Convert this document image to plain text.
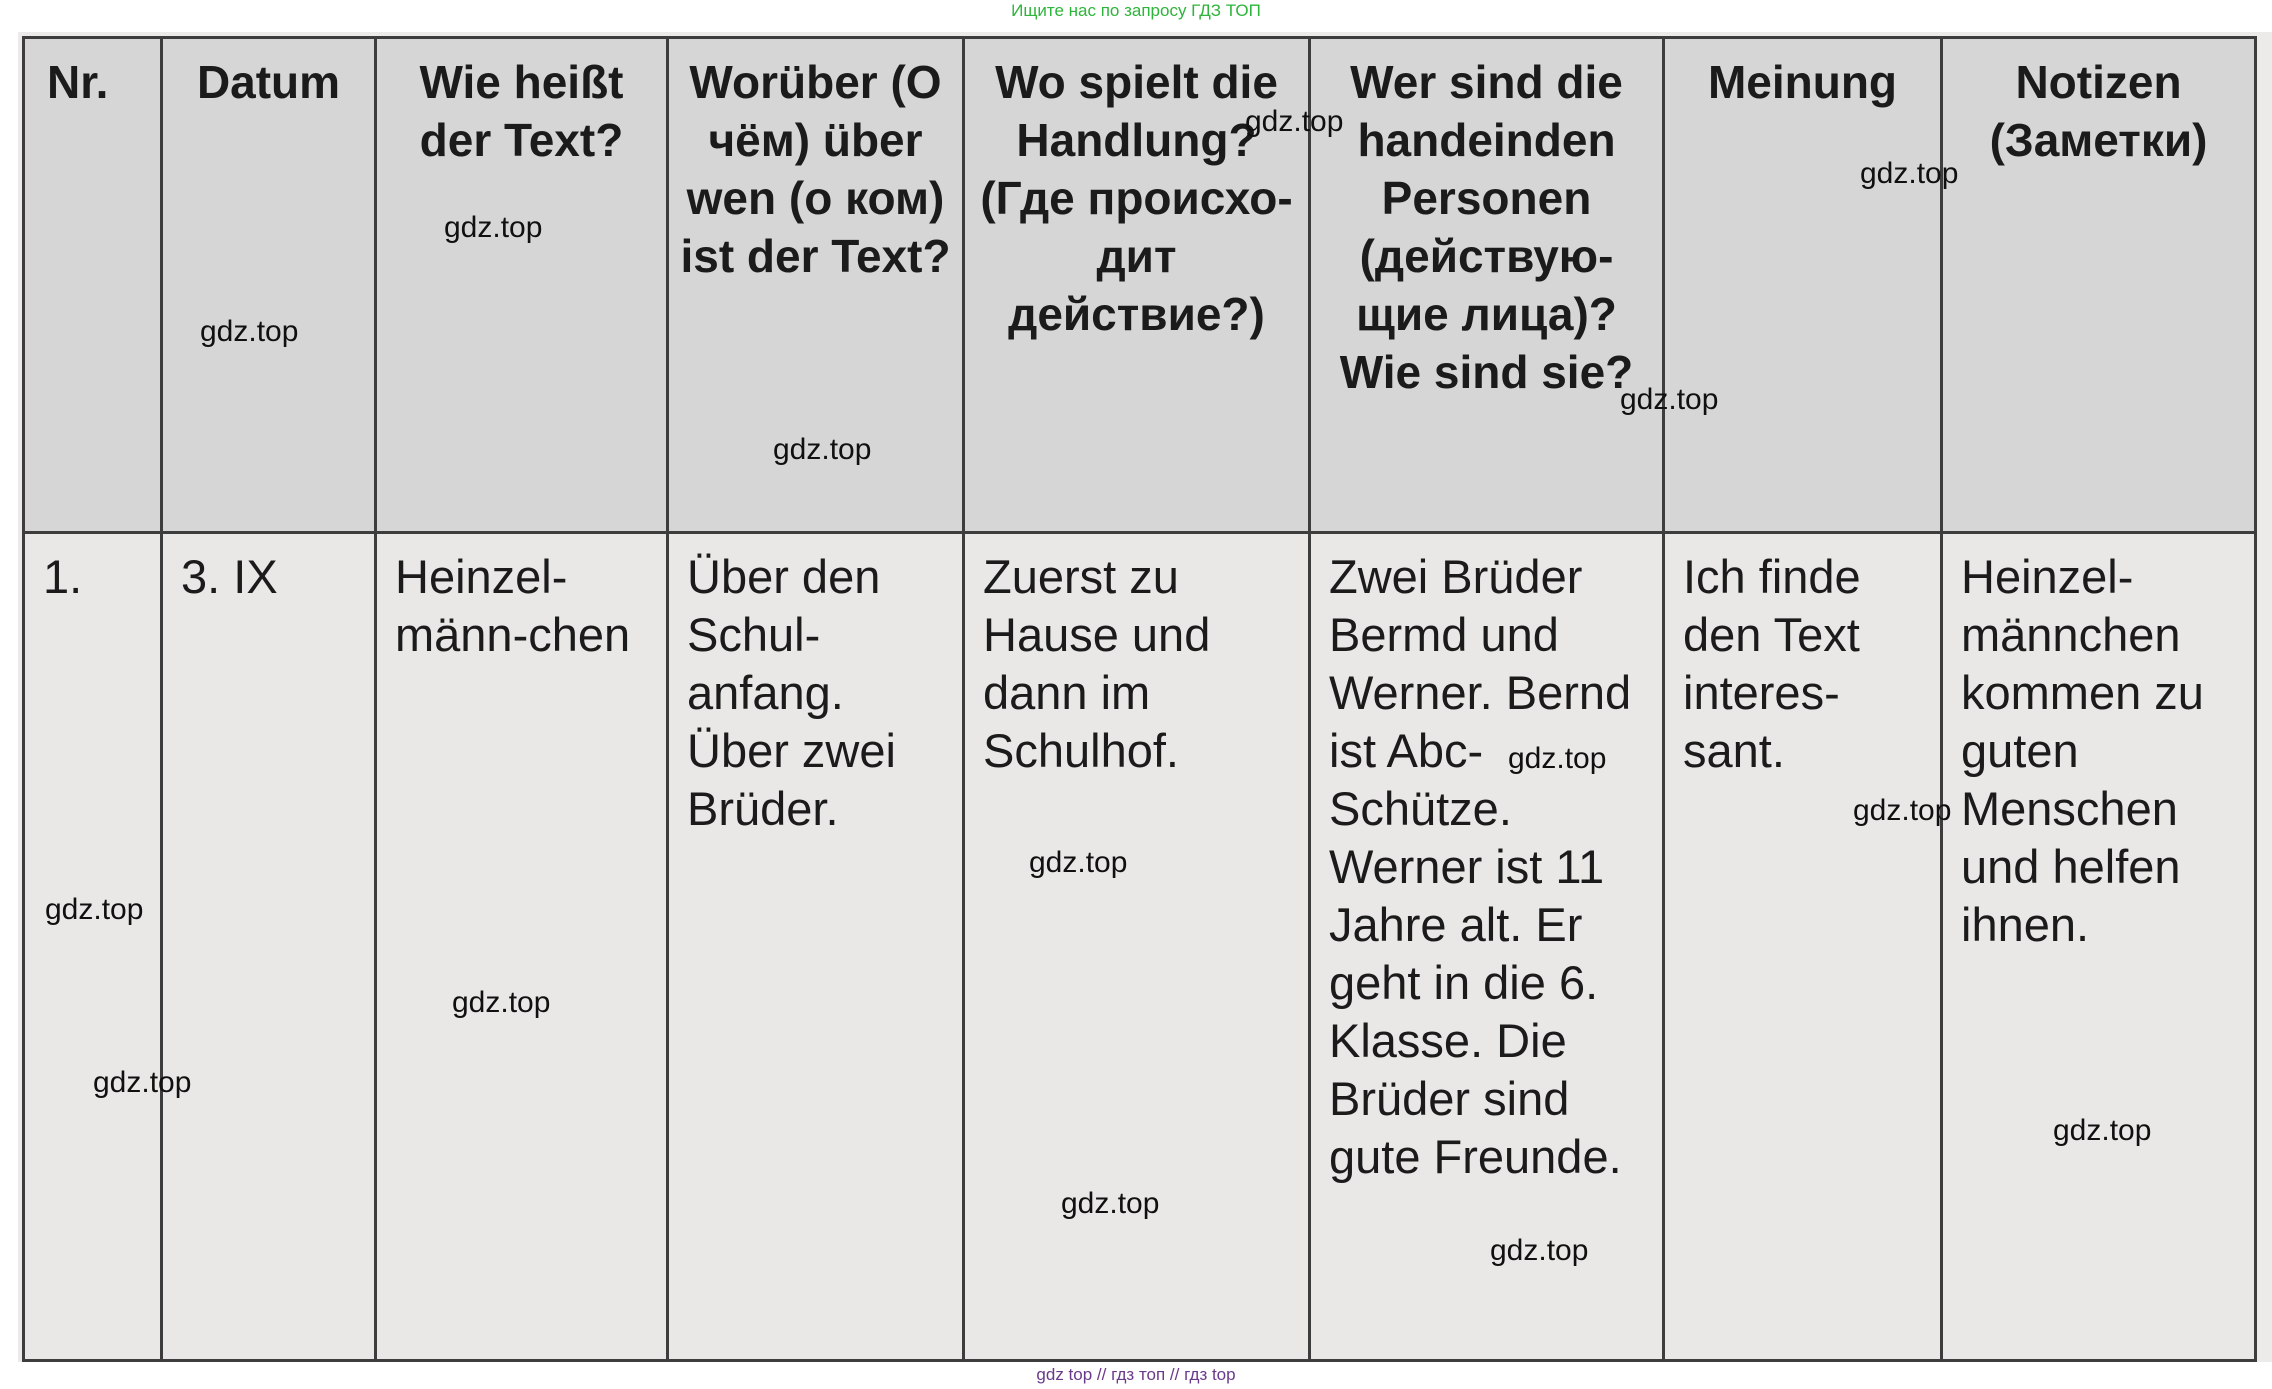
Ищите нас по запросу ГДЗ ТОП
Nr.	Datum	Wie heißt der Text?	Worüber (О чём) über wen (о ком) ist der Text?	Wo spielt die Handlung? (Где происхо-дит действие?)	Wer sind die handeinden Personen (действую-щие лица)? Wie sind sie?	Meinung	Notizen (Заметки)
1.	3. IX	Heinzel-männ-chen	Über den Schul-anfang. Über zwei Brüder.	Zuerst zu Hause und dann im Schulhof.	Zwei Brüder Bermd und Werner. Bernd ist Abc-Schütze. Werner ist 11 Jahre alt. Er geht in die 6. Klasse. Die Brüder sind gute Freunde.	Ich finde den Text interes-sant.	Heinzel-männchen kommen zu guten Menschen und helfen ihnen.
gdz.top
gdz.top
gdz.top
gdz.top
gdz.top
gdz.top
gdz.top
gdz.top
gdz.top
gdz.top
gdz.top
gdz.top
gdz.top
gdz.top
gdz.top
gdz top // гдз топ // гдз top
